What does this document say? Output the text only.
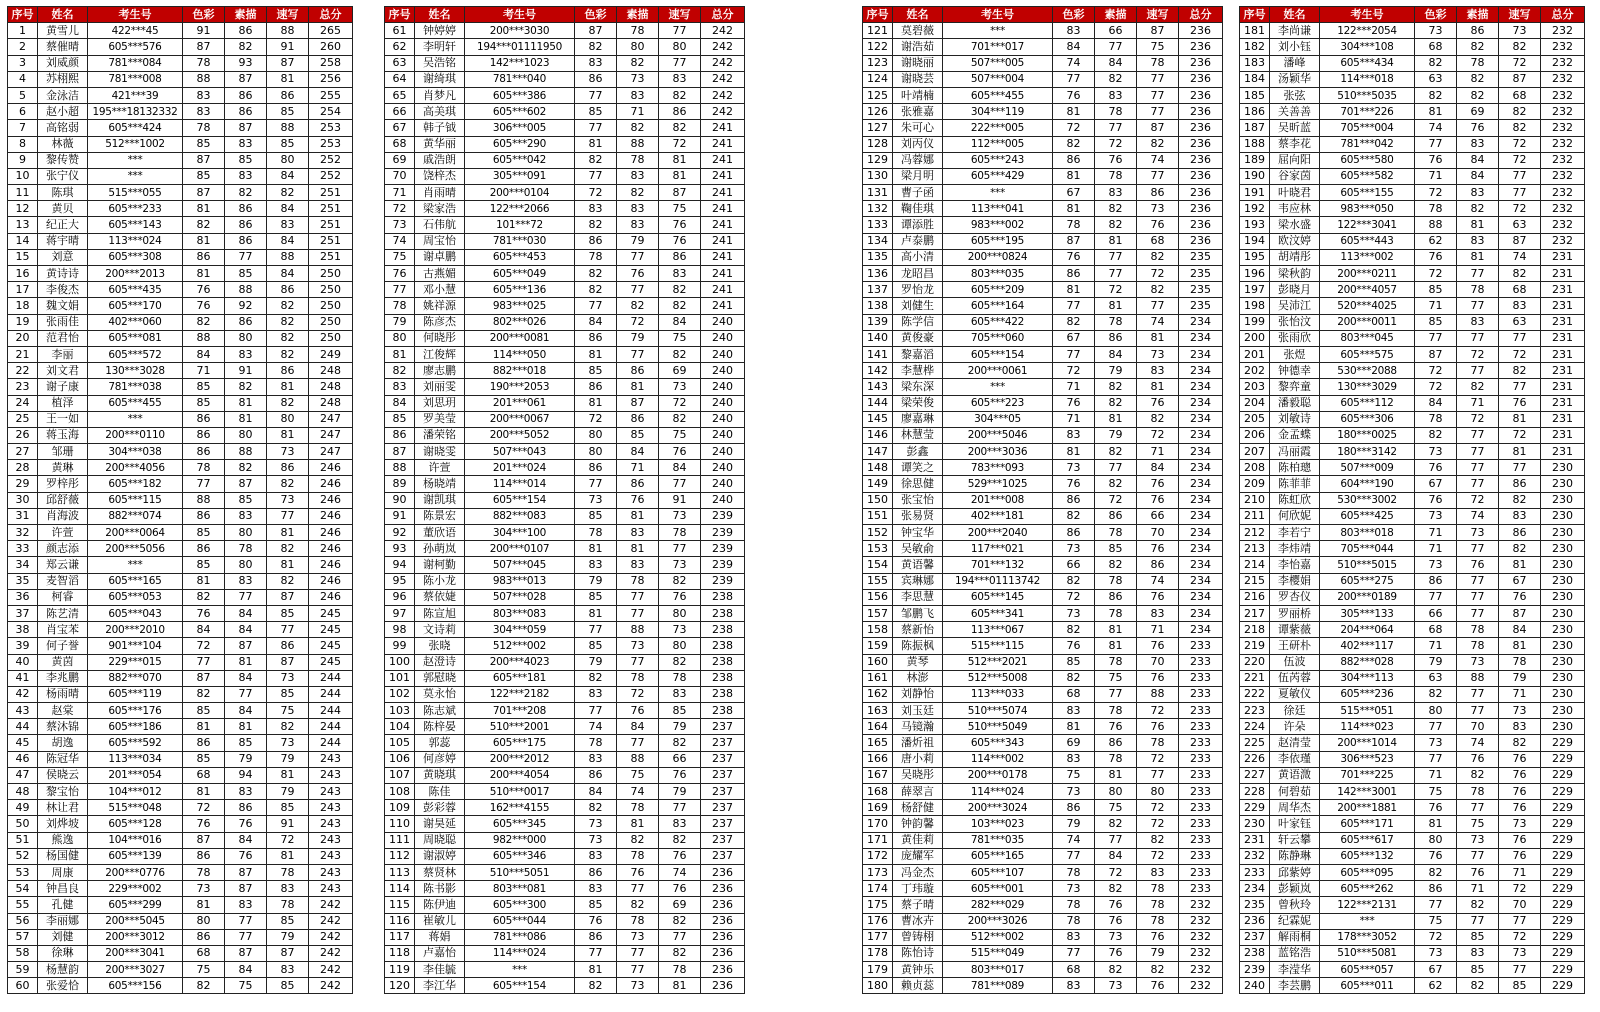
序号	姓名	考生号	色彩	素描	速写	总分
1	黄雪儿	422***45	91	86	88	265
2	蔡催晴	605***576	87	82	91	260
3	刘威颜	781***084	78	93	87	258
4	苏栩熙	781***008	88	87	81	256
5	金泳洁	421***39	83	86	86	255
6	赵小超	195***18132332	83	86	85	254
7	高铭弱	605***424	78	87	88	253
8	林薇	512***1002	85	83	85	253
9	黎传赞	***	87	85	80	252
10	张宁仪	***	85	83	84	252
11	陈琪	515***055	87	82	82	251
12	黄贝	605***233	81	86	84	251
13	纪正大	605***143	82	86	83	251
14	蒋宇晴	113***024	81	86	84	251
15	刘意	605***308	86	77	88	251
16	黄诗诗	200***2013	81	85	84	250
17	李俊杰	605***435	76	88	86	250
18	魏文娟	605***170	76	92	82	250
19	张雨佳	402***060	82	86	82	250
20	范君怡	605***081	88	80	82	250
21	李丽	605***572	84	83	82	249
22	刘文君	130***3028	71	91	86	248
23	谢子康	781***038	85	82	81	248
24	植泽	605***455	85	81	82	248
25	王一如	***	86	81	80	247
26	蒋玉海	200***0110	86	80	81	247
27	邹珊	304***038	86	88	73	247
28	黄琳	200***4056	78	82	86	246
29	罗梓彤	605***182	77	87	82	246
30	邱舒薇	605***115	88	85	73	246
31	肖海波	882***074	86	83	77	246
32	许萱	200***0064	85	80	81	246
33	颜志添	200***5056	86	78	82	246
34	郑云谦	***	85	80	81	246
35	麦智滔	605***165	81	83	82	246
36	柯睿	605***053	82	77	87	246
37	陈艺清	605***043	76	84	85	245
38	肖宝苯	200***2010	84	84	77	245
39	何子誉	901***104	72	87	86	245
40	黄茵	229***015	77	81	87	245
41	李兆鹏	882***070	87	84	73	244
42	杨雨晴	605***119	82	77	85	244
43	赵棠	605***176	85	84	75	244
44	蔡沐锦	605***186	81	81	82	244
45	胡逸	605***592	86	85	73	244
46	陈冠华	113***034	85	79	79	243
47	侯晓云	201***054	68	94	81	243
48	黎宝怡	104***012	81	83	79	243
49	林让君	515***048	72	86	85	243
50	刘烨坡	605***128	76	76	91	243
51	熊逸	104***016	87	84	72	243
52	杨国健	605***139	86	76	81	243
53	周康	200***0776	78	87	78	243
54	钟昌良	229***002	73	87	83	243
55	孔健	605***299	81	83	78	242
56	李丽娜	200***5045	80	77	85	242
57	刘健	200***3012	86	77	79	242
58	徐琳	200***3041	68	87	87	242
59	杨慧韵	200***3027	75	84	83	242
60	张爱恰	605***156	82	75	85	242
序号	姓名	考生号	色彩	素描	速写	总分
61	钟婷婷	200***3030	87	78	77	242
62	李明轩	194***01111950	82	80	80	242
63	吴浩铭	142***1023	83	82	77	242
64	谢绮琪	781***040	86	73	83	242
65	肖梦凡	605***386	77	83	82	242
66	高美琪	605***602	85	71	86	242
67	韩子钺	306***005	77	82	82	241
68	黄华丽	605***290	81	88	72	241
69	戚浩朗	605***042	82	78	81	241
70	饶梓杰	305***091	77	83	81	241
71	肖雨晴	200***0104	72	82	87	241
72	梁家浩	122***2066	83	83	75	241
73	石伟航	101***72	82	83	76	241
74	周宝怡	781***030	86	79	76	241
75	谢卓鹏	605***453	78	77	86	241
76	古燕媚	605***049	82	76	83	241
77	邓小慧	605***136	82	77	82	241
78	姚祥源	983***025	77	82	82	241
79	陈彦杰	802***026	84	72	84	240
80	何晓彤	200***0081	86	79	75	240
81	江俊辉	114***050	81	77	82	240
82	廖志鹏	882***018	85	86	69	240
83	刘丽雯	190***2053	86	81	73	240
84	刘思玥	201***061	81	87	72	240
85	罗美莹	200***0067	72	86	82	240
86	潘荣铭	200***5052	80	85	75	240
87	谢晓雯	507***043	80	84	76	240
88	许萱	201***024	86	71	84	240
89	杨晓靖	114***014	77	86	77	240
90	谢凯琪	605***154	73	76	91	240
91	陈景宏	882***083	85	81	73	239
92	董欣语	304***100	78	83	78	239
93	孙萌岚	200***0107	81	81	77	239
94	谢柯勤	507***045	83	83	73	239
95	陈小龙	983***013	79	78	82	239
96	蔡依婕	507***028	85	77	76	238
97	陈宣旭	803***083	81	77	80	238
98	文诗莉	304***059	77	88	73	238
99	张晓	512***002	85	73	80	238
100	赵澄诗	200***4023	79	77	82	238
101	郭慰晓	605***181	82	78	78	238
102	莫永怡	122***2182	83	72	83	238
103	陈志斌	701***208	77	76	85	238
104	陈梓晏	510***2001	74	84	79	237
105	郭蕊	605***175	78	77	82	237
106	何彦婷	200***2012	83	88	66	237
107	黄晓琪	200***4054	86	75	76	237
108	陈佳	510***0017	84	74	79	237
109	彭彩蓉	162***4155	82	78	77	237
110	谢昊延	605***345	73	81	83	237
111	周晓聪	982***000	73	82	82	237
112	谢淑婷	605***346	83	78	76	237
113	蔡贤林	510***5051	86	76	74	236
114	陈书影	803***081	83	77	76	236
115	陈伊迪	605***300	85	82	69	236
116	崔敏儿	605***044	76	78	82	236
117	蒋娟	781***086	86	73	77	236
118	卢嘉怡	114***024	77	77	82	236
119	李佳毓	***	81	77	78	236
120	李江华	605***154	82	73	81	236
序号	姓名	考生号	色彩	素描	速写	总分
121	莫碧薇	***	83	66	87	236
122	谢浩茹	701***017	84	77	75	236
123	谢晓丽	507***005	74	84	78	236
124	谢晓芸	507***004	77	82	77	236
125	叶靖楠	605***455	76	83	77	236
126	张雅嘉	304***119	81	78	77	236
127	朱可心	222***005	72	77	87	236
128	刘丙仪	112***005	82	72	82	236
129	冯蓉娜	605***243	86	76	74	236
130	梁月明	605***429	81	78	77	236
131	曹子函	***	67	83	86	236
132	鞠佳琪	113***041	81	82	73	236
133	谭添胜	983***002	78	82	76	236
134	卢泰鹏	605***195	87	81	68	236
135	高小清	200***0824	76	77	82	235
136	龙昭昌	803***035	86	77	72	235
137	罗怡龙	605***209	81	72	82	235
138	刘健生	605***164	77	81	77	235
139	陈学信	605***422	82	78	74	234
140	黄俊豪	705***060	67	86	81	234
141	黎嘉滔	605***154	77	84	73	234
142	李慧桦	200***0061	72	79	83	234
143	梁东深	***	71	82	81	234
144	梁荣俊	605***223	76	82	76	234
145	廖嘉琳	304***05	71	81	82	234
146	林慧莹	200***5046	83	79	72	234
147	彭鑫	200***3036	81	82	71	234
148	谭笑之	783***093	73	77	84	234
149	徐思健	529***1025	76	82	76	234
150	张宝怡	201***008	86	72	76	234
151	张易贤	402***181	82	86	66	234
152	钟宝华	200***2040	86	78	70	234
153	吴敏俞	117***021	73	85	76	234
154	黄语馨	701***132	66	82	86	234
155	宾琳娜	194***01113742	82	78	74	234
156	李思慧	605***145	72	86	76	234
157	邹鹏飞	605***341	73	78	83	234
158	蔡新怡	113***067	82	81	71	234
159	陈振枫	515***115	76	81	76	233
160	黄琴	512***2021	85	78	70	233
161	林澎	512***5008	82	75	76	233
162	刘静怡	113***033	68	77	88	233
163	刘玉廷	510***5074	83	78	72	233
164	马镜瀚	510***5049	81	76	76	233
165	潘炘祖	605***343	69	86	78	233
166	唐小莉	114***002	83	78	72	233
167	吴晓彤	200***0178	75	81	77	233
168	薛翠言	114***024	73	80	80	233
169	杨舒健	200***3024	86	75	72	233
170	钟韵馨	103***023	79	82	72	233
171	黄佳莉	781***035	74	77	82	233
172	庞耀军	605***165	77	84	72	233
173	冯金杰	605***107	78	72	83	233
174	丁玮璇	605***001	73	82	78	233
175	蔡子晴	282***029	78	76	78	232
176	曹冰卉	200***3026	78	76	78	232
177	曾铸栩	512***002	83	73	76	232
178	陈怡诗	515***049	77	76	79	232
179	黄钟乐	803***017	68	82	82	232
180	赖贞蕊	781***089	83	73	76	232
序号	姓名	考生号	色彩	素描	速写	总分
181	李尚谦	122***2054	73	86	73	232
182	刘小钰	304***108	68	82	82	232
183	潘峰	605***434	82	78	72	232
184	汤颖华	114***018	63	82	87	232
185	张弦	510***5035	82	82	68	232
186	关善善	701***226	81	69	82	232
187	吴昕蓝	705***004	74	76	82	232
188	蔡李花	781***042	77	83	72	232
189	屈向阳	605***580	76	84	72	232
190	谷家茵	605***582	71	84	77	232
191	叶晓君	605***155	72	83	77	232
192	韦应林	983***050	78	82	72	232
193	梁水盛	122***3041	88	81	63	232
194	欧汶婷	605***443	62	83	87	232
195	胡靖彤	113***002	76	81	74	231
196	梁秋韵	200***0211	72	77	82	231
197	彭晓月	200***4057	85	78	68	231
198	吴沛江	520***4025	71	77	83	231
199	张怡汶	200***0011	85	83	63	231
200	张雨欣	803***045	77	77	77	231
201	张煜	605***575	87	72	72	231
202	钟德幸	530***2088	72	77	82	231
203	黎弈童	130***3029	72	82	77	231
204	潘毅聪	605***112	84	71	76	231
205	刘敏诗	605***306	78	72	81	231
206	金孟蝶	180***0025	82	77	72	231
207	冯丽霞	180***3142	73	77	81	231
208	陈柏璁	507***009	76	77	77	230
209	陈菲菲	604***190	67	77	86	230
210	陈虹欣	530***3002	76	72	82	230
211	何欣妮	605***425	73	74	83	230
212	李若宁	803***018	71	73	86	230
213	李炜靖	705***044	71	77	82	230
214	李怡嘉	510***5015	73	76	81	230
215	李樱娟	605***275	86	77	67	230
216	罗杏仪	200***0189	77	77	76	230
217	罗丽桥	305***133	66	77	87	230
218	谭紫薇	204***064	68	78	84	230
219	王研朴	402***117	71	78	81	230
220	伍波	882***028	79	73	78	230
221	伍芮蓉	304***113	63	88	79	230
222	夏敏仪	605***236	82	77	71	230
223	徐廷	515***051	80	77	73	230
224	许朵	114***023	77	70	83	230
225	赵清莹	200***1014	73	74	82	229
226	李依瑾	306***523	77	76	76	229
227	黄语溦	701***225	71	82	76	229
228	何碧茹	142***3001	75	78	76	229
229	周华杰	200***1881	76	77	76	229
230	叶家钰	605***171	81	75	73	229
231	轩云攀	605***617	80	73	76	229
232	陈静琳	605***132	76	77	76	229
233	邱紫婷	605***095	82	76	71	229
234	彭颖岚	605***262	86	71	72	229
235	曾秋玲	122***2131	77	82	70	229
236	纪霖妮	***	75	77	77	229
237	解雨桐	178***3052	72	85	72	229
238	蓝铭浩	510***5081	73	83	73	229
239	李滢华	605***057	67	85	77	229
240	李芸鹏	605***011	62	82	85	229
